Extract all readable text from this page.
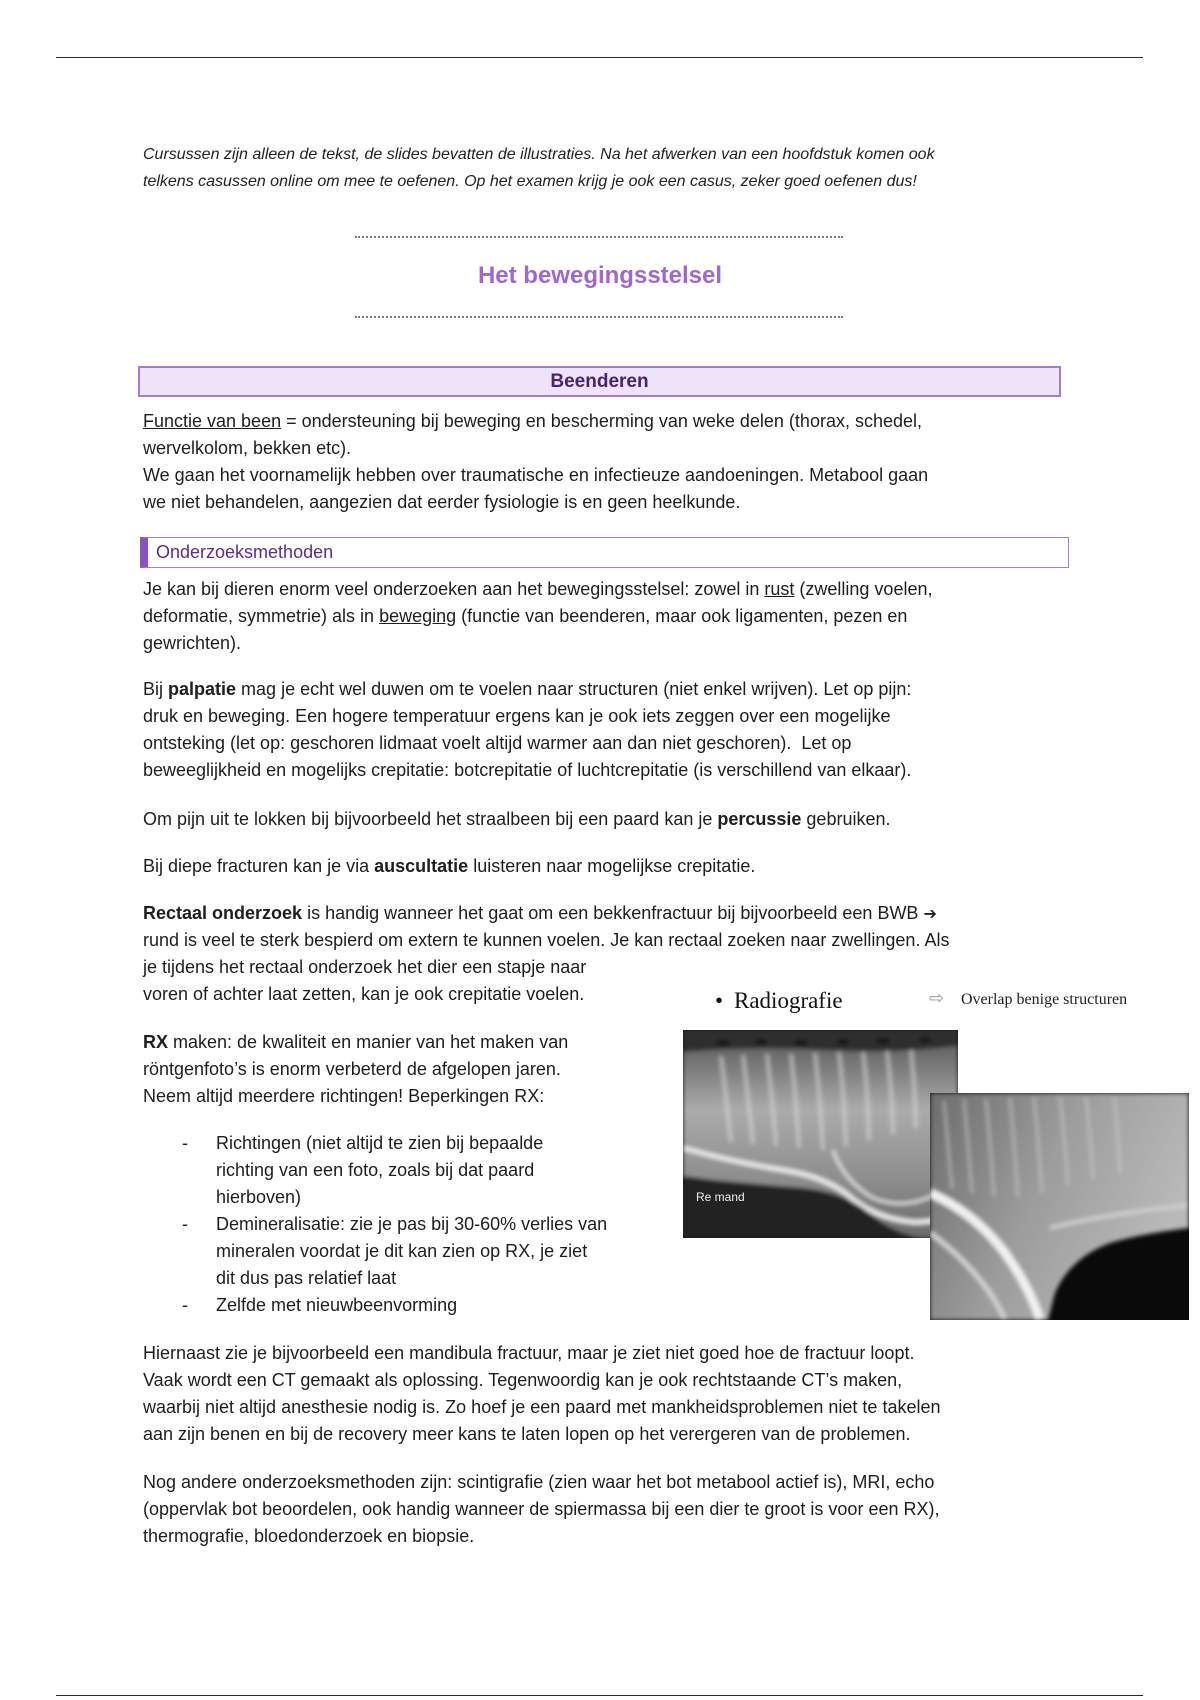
Cursussen zijn alleen de tekst, de slides bevatten de illustraties. Na het afwerken van een hoofdstuk komen ook
telkens casussen online om mee te oefenen. Op het examen krijg je ook een casus, zeker goed oefenen dus!
Het bewegingsstelsel
Beenderen
Functie van been = ondersteuning bij beweging en bescherming van weke delen (thorax, schedel,
wervelkolom, bekken etc).
We gaan het voornamelijk hebben over traumatische en infectieuze aandoeningen. Metabool gaan
we niet behandelen, aangezien dat eerder fysiologie is en geen heelkunde.
Onderzoeksmethoden
Je kan bij dieren enorm veel onderzoeken aan het bewegingsstelsel: zowel in rust (zwelling voelen,
deformatie, symmetrie) als in beweging (functie van beenderen, maar ook ligamenten, pezen en
gewrichten).
Bij palpatie mag je echt wel duwen om te voelen naar structuren (niet enkel wrijven). Let op pijn:
druk en beweging. Een hogere temperatuur ergens kan je ook iets zeggen over een mogelijke
ontsteking (let op: geschoren lidmaat voelt altijd warmer aan dan niet geschoren).  Let op
beweeglijkheid en mogelijks crepitatie: botcrepitatie of luchtcrepitatie (is verschillend van elkaar).
Om pijn uit te lokken bij bijvoorbeeld het straalbeen bij een paard kan je percussie gebruiken.
Bij diepe fracturen kan je via auscultatie luisteren naar mogelijkse crepitatie.
Rectaal onderzoek is handig wanneer het gaat om een bekkenfractuur bij bijvoorbeeld een BWB ➔
rund is veel te sterk bespierd om extern te kunnen voelen. Je kan rectaal zoeken naar zwellingen. Als
je tijdens het rectaal onderzoek het dier een stapje naar
voren of achter laat zetten, kan je ook crepitatie voelen.	• Radiografie	⇨ Overlap benige structuren
Re mand
RX maken: de kwaliteit en manier van het maken van
röntgenfoto’s is enorm verbeterd de afgelopen jaren.
Neem altijd meerdere richtingen! Beperkingen RX:
-	Richtingen (niet altijd te zien bij bepaalde
richting van een foto, zoals bij dat paard
hierboven)
-	Demineralisatie: zie je pas bij 30-60% verlies van
mineralen voordat je dit kan zien op RX, je ziet
dit dus pas relatief laat
-	Zelfde met nieuwbeenvorming
Hiernaast zie je bijvoorbeeld een mandibula fractuur, maar je ziet niet goed hoe de fractuur loopt.
Vaak wordt een CT gemaakt als oplossing. Tegenwoordig kan je ook rechtstaande CT’s maken,
waarbij niet altijd anesthesie nodig is. Zo hoef je een paard met mankheidsproblemen niet te takelen
aan zijn benen en bij de recovery meer kans te laten lopen op het verergeren van de problemen.
Nog andere onderzoeksmethoden zijn: scintigrafie (zien waar het bot metabool actief is), MRI, echo
(oppervlak bot beoordelen, ook handig wanneer de spiermassa bij een dier te groot is voor een RX),
thermografie, bloedonderzoek en biopsie.
